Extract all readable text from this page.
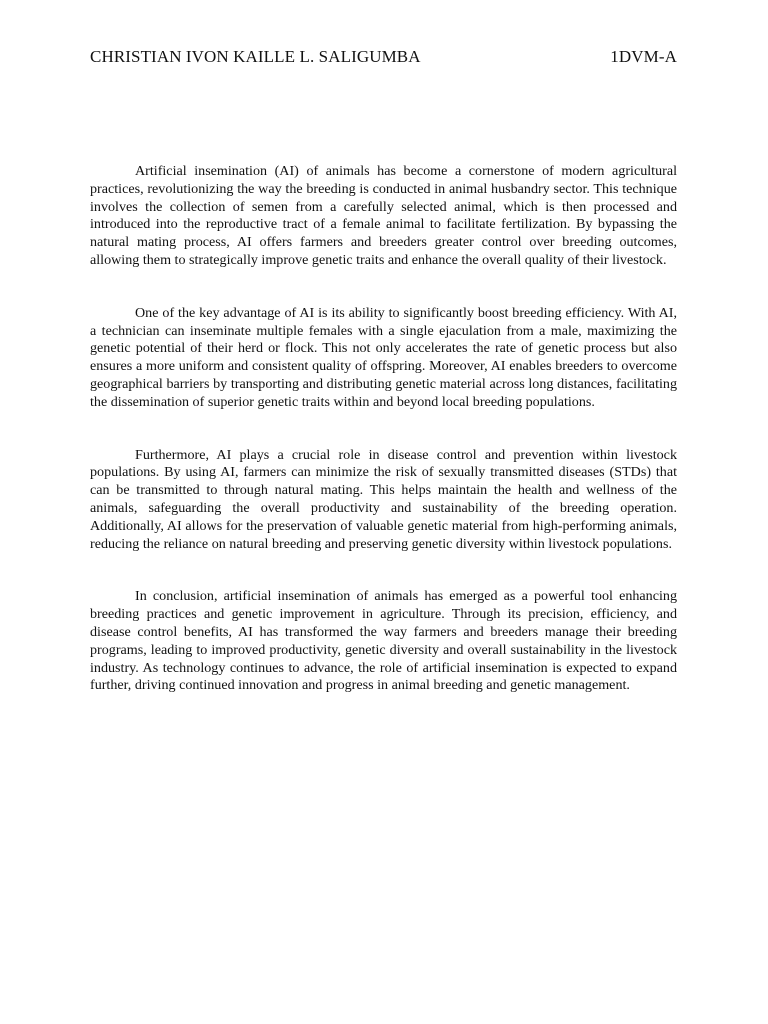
CHRISTIAN IVON KAILLE L. SALIGUMBA	1DVM-A

Artificial insemination (AI) of animals has become a cornerstone of modern agricultural practices, revolutionizing the way the breeding is conducted in animal husbandry sector. This technique involves the collection of semen from a carefully selected animal, which is then processed and introduced into the reproductive tract of a female animal to facilitate fertilization. By bypassing the natural mating process, AI offers farmers and breeders greater control over breeding outcomes, allowing them to strategically improve genetic traits and enhance the overall quality of their livestock.

One of the key advantage of AI is its ability to significantly boost breeding efficiency. With AI, a technician can inseminate multiple females with a single ejaculation from a male, maximizing the genetic potential of their herd or flock. This not only accelerates the rate of genetic process but also ensures a more uniform and consistent quality of offspring. Moreover, AI enables breeders to overcome geographical barriers by transporting and distributing genetic material across long distances, facilitating the dissemination of superior genetic traits within and beyond local breeding populations.

Furthermore, AI plays a crucial role in disease control and prevention within livestock populations. By using AI, farmers can minimize the risk of sexually transmitted diseases (STDs) that can be transmitted to through natural mating. This helps maintain the health and wellness of the animals, safeguarding the overall productivity and sustainability of the breeding operation. Additionally, AI allows for the preservation of valuable genetic material from high-performing animals, reducing the reliance on natural breeding and preserving genetic diversity within livestock populations.

In conclusion, artificial insemination of animals has emerged as a powerful tool enhancing breeding practices and genetic improvement in agriculture. Through its precision, efficiency, and disease control benefits, AI has transformed the way farmers and breeders manage their breeding programs, leading to improved productivity, genetic diversity and overall sustainability in the livestock industry. As technology continues to advance, the role of artificial insemination is expected to expand further, driving continued innovation and progress in animal breeding and genetic management.
